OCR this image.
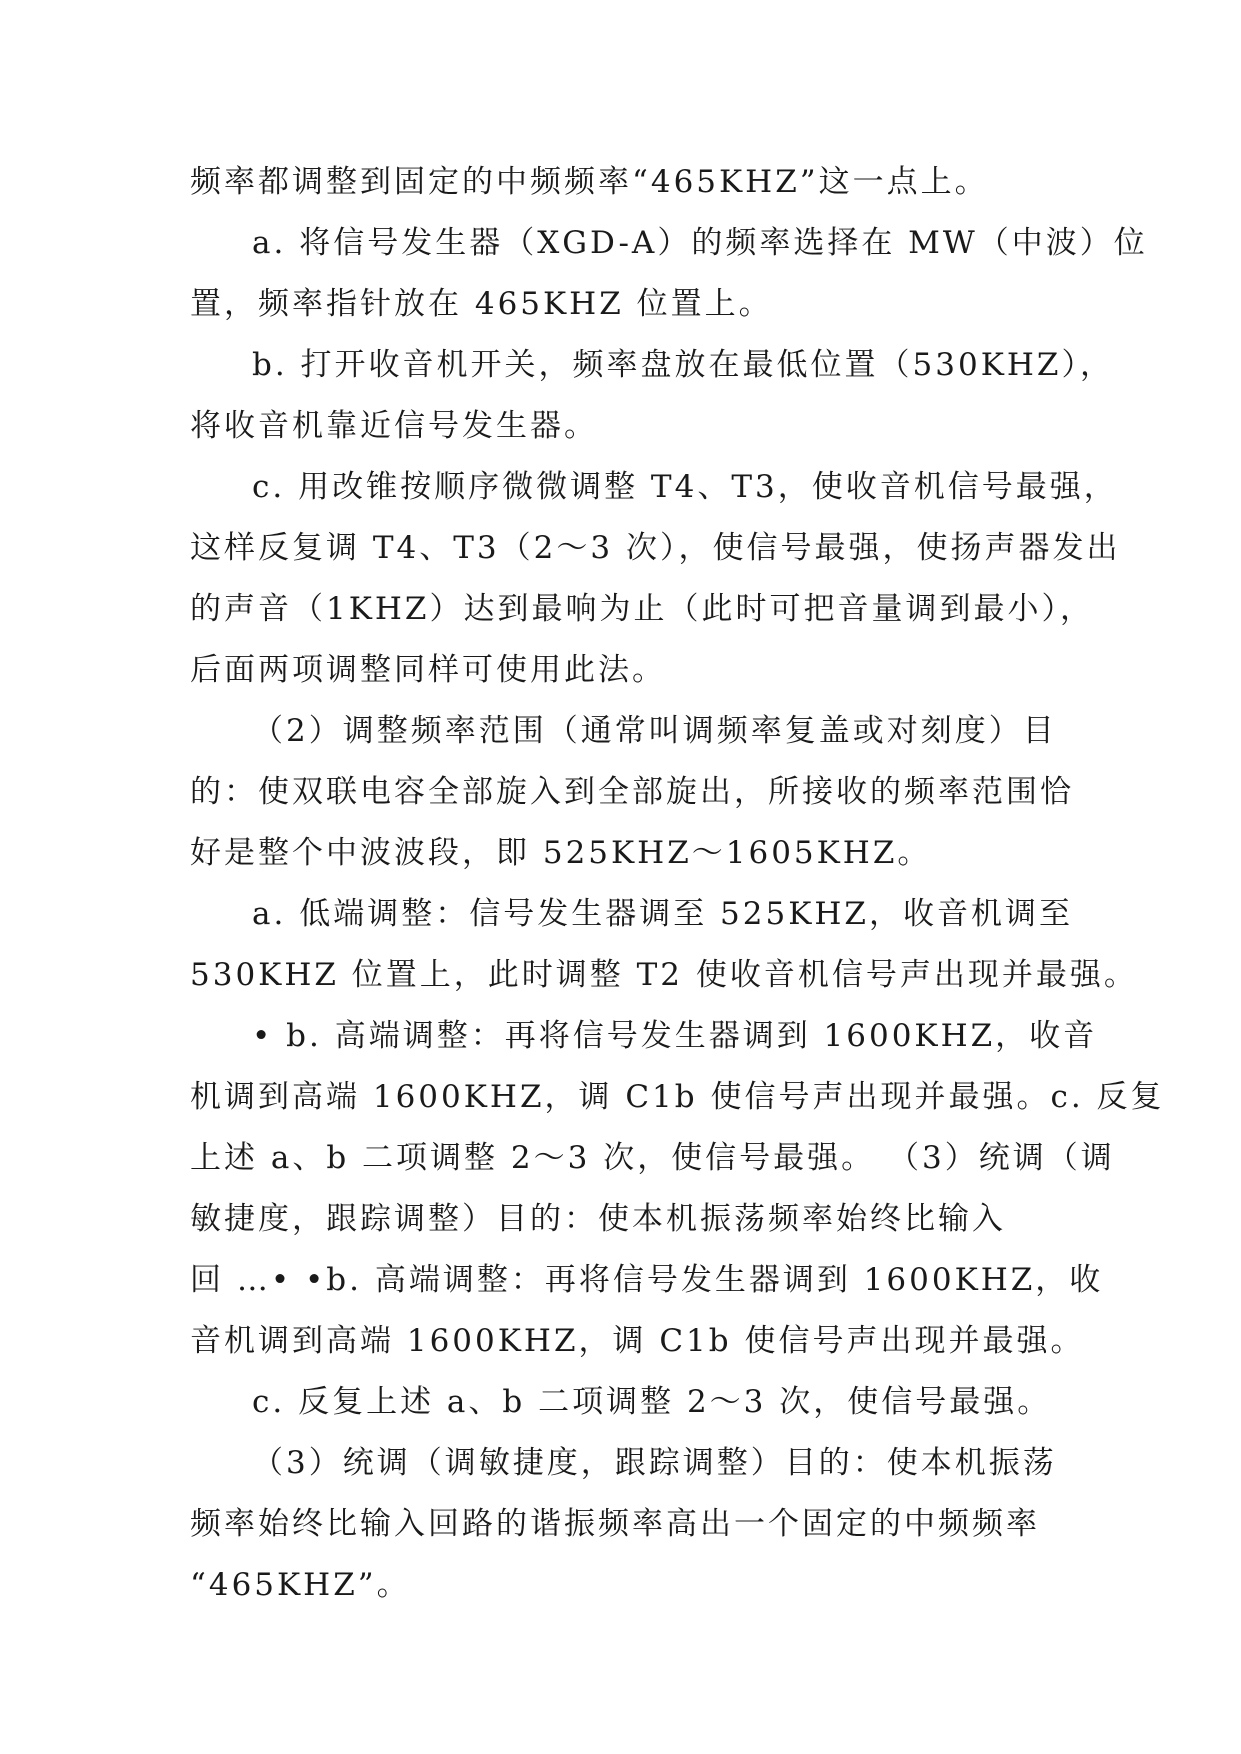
频率都调整到固定的中频频率“465KHZ”这一点上。
a. 将信号发生器（XGD-A）的频率选择在 MW（中波）位
置，频率指针放在 465KHZ 位置上。
b. 打开收音机开关，频率盘放在最低位置（530KHZ），
将收音机靠近信号发生器。
c. 用改锥按顺序微微调整 T4、T3，使收音机信号最强，
这样反复调 T4、T3（2～3 次），使信号最强，使扬声器发出
的声音（1KHZ）达到最响为止（此时可把音量调到最小），
后面两项调整同样可使用此法。
（2）调整频率范围（通常叫调频率复盖或对刻度）目
的：使双联电容全部旋入到全部旋出，所接收的频率范围恰
好是整个中波波段，即 525KHZ～1605KHZ。
a. 低端调整：信号发生器调至 525KHZ，收音机调至
530KHZ 位置上，此时调整 T2 使收音机信号声出现并最强。
• b. 高端调整：再将信号发生器调到 1600KHZ，收音
机调到高端 1600KHZ，调 C1b 使信号声出现并最强。c. 反复
上述 a、b 二项调整 2～3 次，使信号最强。 （3）统调（调
敏捷度，跟踪调整）目的：使本机振荡频率始终比输入
回 …• •b. 高端调整：再将信号发生器调到 1600KHZ，收
音机调到高端 1600KHZ，调 C1b 使信号声出现并最强。
c. 反复上述 a、b 二项调整 2～3 次，使信号最强。
（3）统调（调敏捷度，跟踪调整）目的：使本机振荡
频率始终比输入回路的谐振频率高出一个固定的中频频率
“465KHZ”。
